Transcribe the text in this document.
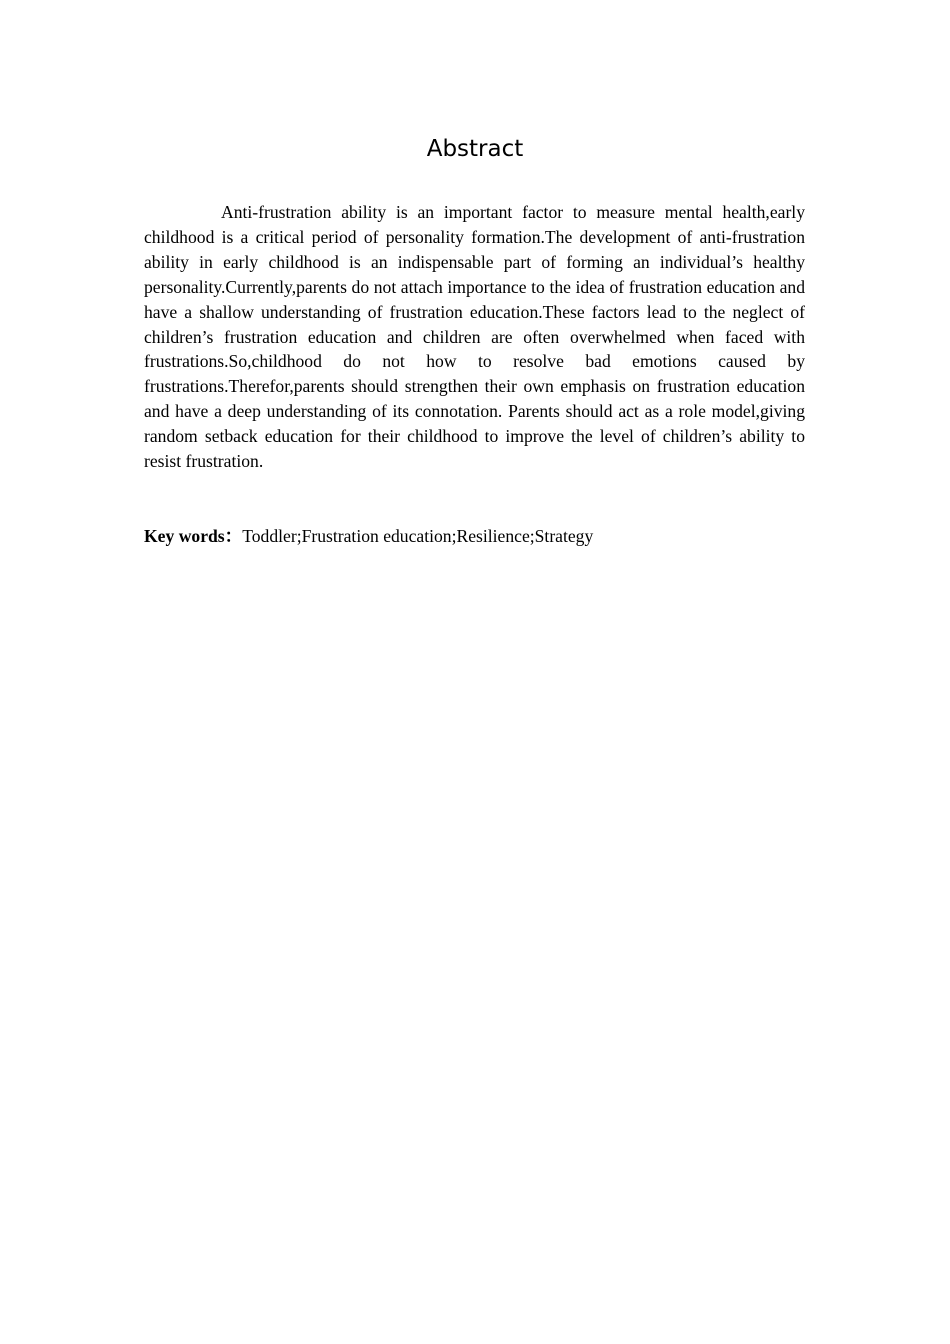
Abstract

Anti-frustration ability is an important factor to measure mental health,early childhood is a critical period of personality formation.The development of anti-frustration ability in early childhood is an indispensable part of forming an individual’s healthy personality.Currently,parents do not attach importance to the idea of frustration education and have a shallow understanding of frustration education.These factors lead to the neglect of children’s frustration education and children are often overwhelmed when faced with frustrations.So,childhood do not how to resolve bad emotions caused by frustrations.Therefor,parents should strengthen their own emphasis on frustration education and have a deep understanding of its connotation. Parents should act as a role model,giving random setback education for their childhood to improve the level of children’s ability to resist frustration.

Key words：Toddler;Frustration education;Resilience;Strategy
